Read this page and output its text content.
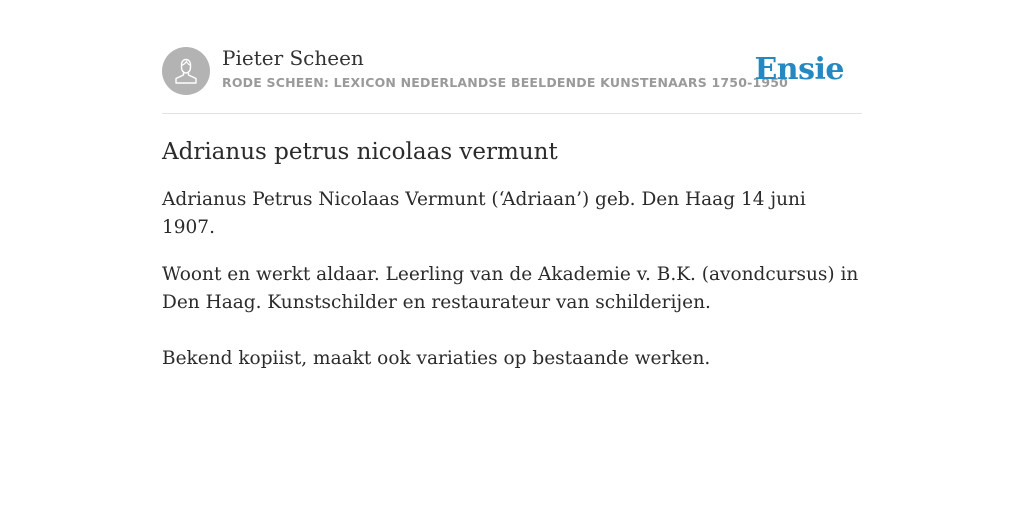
Pieter Scheen
RODE SCHEEN: LEXICON NEDERLANDSE BEELDENDE KUNSTENAARS 1750-1950
Ensie
Adrianus petrus nicolaas vermunt

Adrianus Petrus Nicolaas Vermunt (‘Adriaan’) geb. Den Haag 14 juni 1907.

Woont en werkt aldaar. Leerling van de Akademie v. B.K. (avondcursus) in Den Haag. Kunstschilder en restaurateur van schilderijen.

Bekend kopiist, maakt ook variaties op bestaande werken.
